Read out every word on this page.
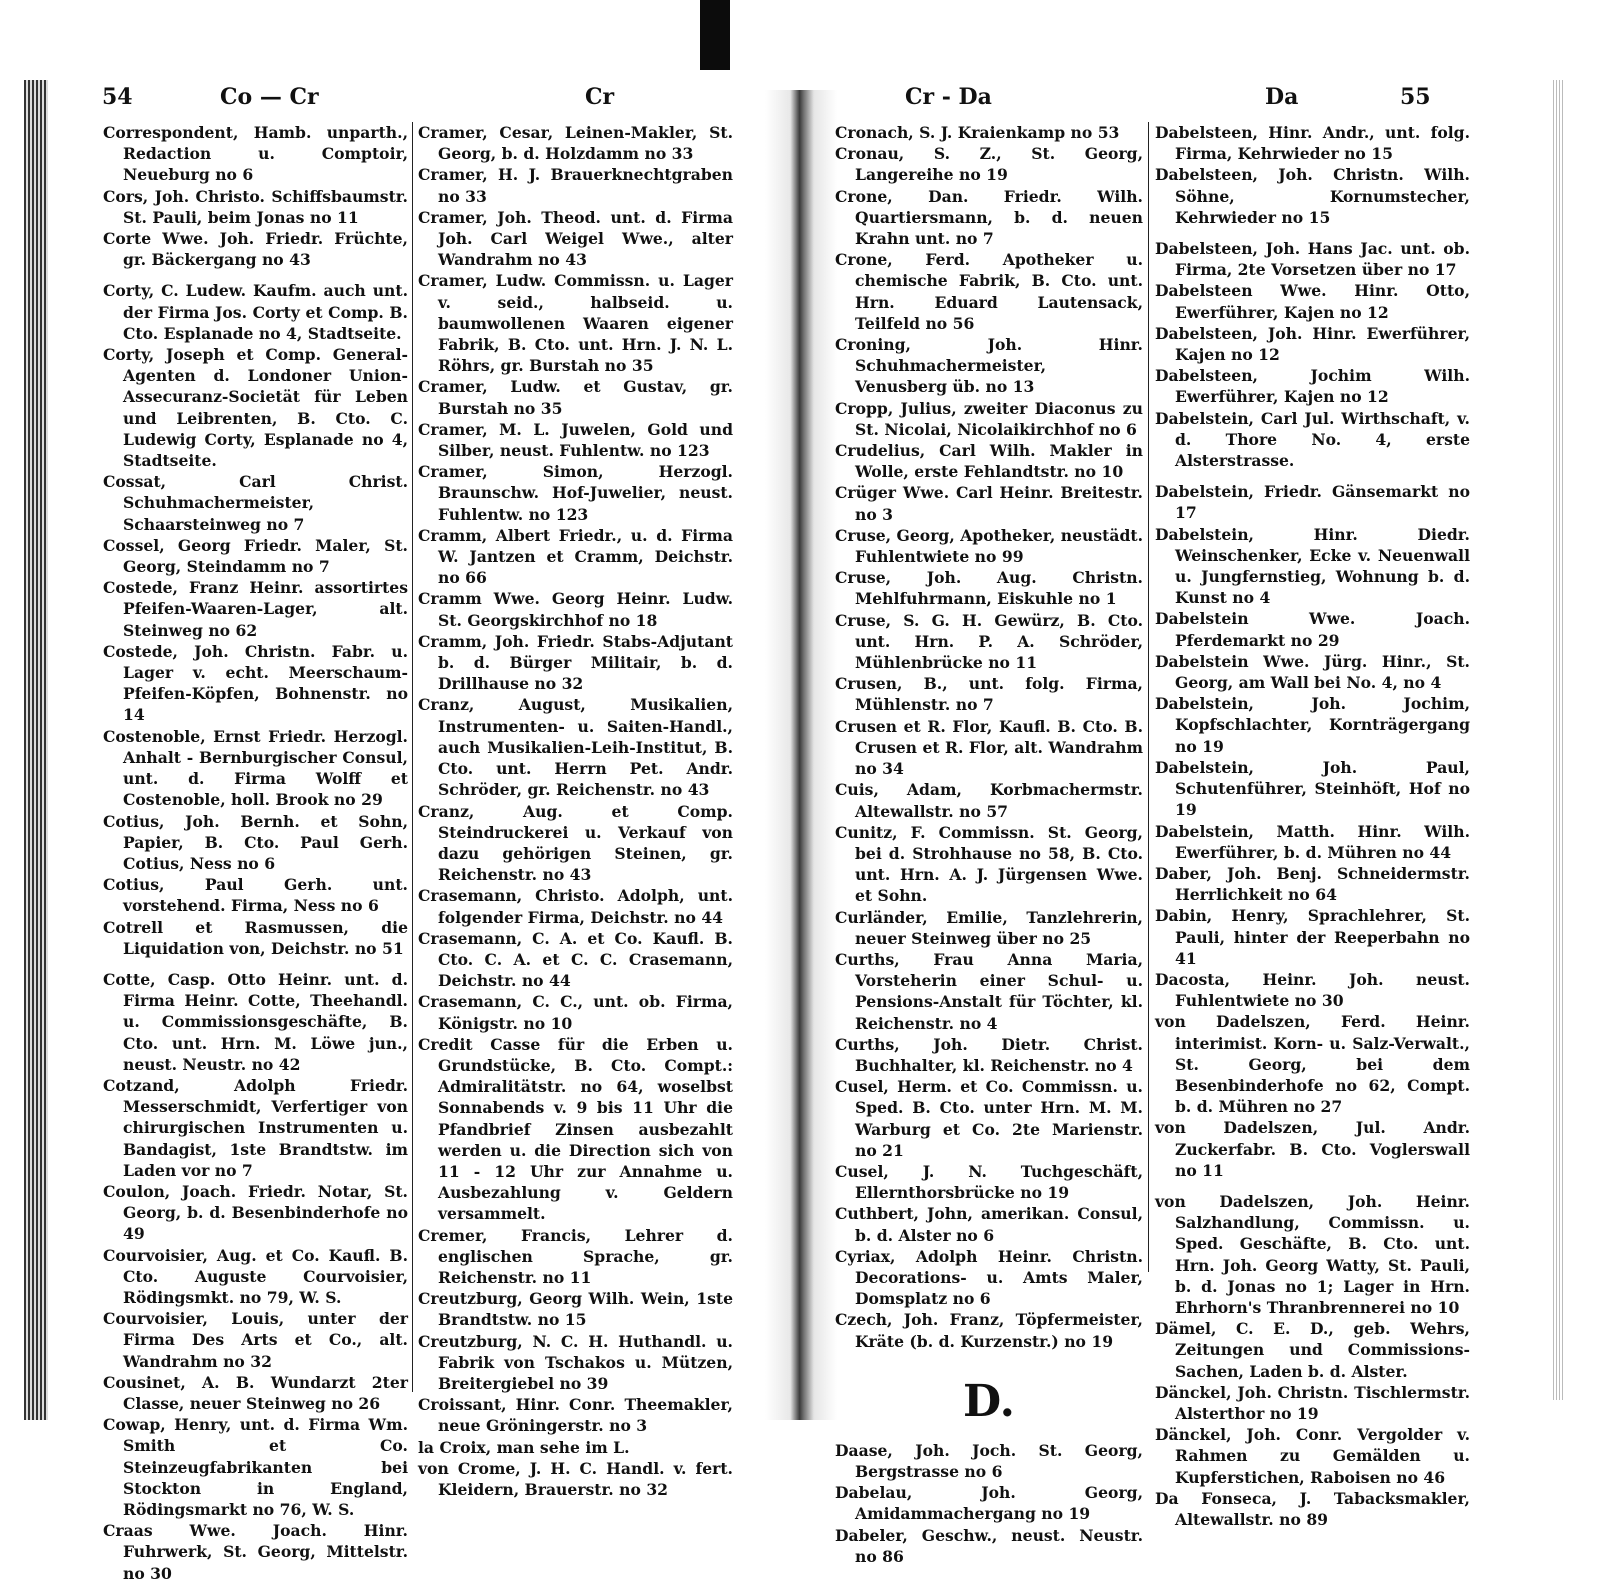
54	Co — Cr	Cr
Correspondent, Hamb. unparth., Redaction u. Comptoir, Neueburg no 6
Cors, Joh. Christo. Schiffsbaumstr. St. Pauli, beim Jonas no 11
Corte Wwe. Joh. Friedr. Früchte, gr. Bäckergang no 43
Corty, C. Ludew. Kaufm. auch unt. der Firma Jos. Corty et Comp. B. Cto. Esplanade no 4, Stadtseite.
Corty, Joseph et Comp. General-Agenten d. Londoner Union-Assecuranz-Societät für Leben und Leibrenten, B. Cto. C. Ludewig Corty, Esplanade no 4, Stadtseite.
Cossat, Carl Christ. Schuhmachermeister, Schaarsteinweg no 7
Cossel, Georg Friedr. Maler, St. Georg, Steindamm no 7
Costede, Franz Heinr. assortirtes Pfeifen-Waaren-Lager, alt. Steinweg no 62
Costede, Joh. Christn. Fabr. u. Lager v. echt. Meerschaum-Pfeifen-Köpfen, Bohnenstr. no 14
Costenoble, Ernst Friedr. Herzogl. Anhalt - Bernburgischer Consul, unt. d. Firma Wolff et Costenoble, holl. Brook no 29
Cotius, Joh. Bernh. et Sohn, Papier, B. Cto. Paul Gerh. Cotius, Ness no 6
Cotius, Paul Gerh. unt. vorstehend. Firma, Ness no 6
Cotrell et Rasmussen, die Liquidation von, Deichstr. no 51
Cotte, Casp. Otto Heinr. unt. d. Firma Heinr. Cotte, Theehandl. u. Commissionsgeschäfte, B. Cto. unt. Hrn. M. Löwe jun., neust. Neustr. no 42
Cotzand, Adolph Friedr. Messerschmidt, Verfertiger von chirurgischen Instrumenten u. Bandagist, 1ste Brandtstw. im Laden vor no 7
Coulon, Joach. Friedr. Notar, St. Georg, b. d. Besenbinderhofe no 49
Courvoisier, Aug. et Co. Kaufl. B. Cto. Auguste Courvoisier, Rödingsmkt. no 79, W. S.
Courvoisier, Louis, unter der Firma Des Arts et Co., alt. Wandrahm no 32
Cousinet, A. B. Wundarzt 2ter Classe, neuer Steinweg no 26
Cowap, Henry, unt. d. Firma Wm. Smith et Co. Steinzeugfabrikanten bei Stockton in England, Rödingsmarkt no 76, W. S.
Craas Wwe. Joach. Hinr. Fuhrwerk, St. Georg, Mittelstr. no 30
Cramer, Cesar, Leinen-Makler, St. Georg, b. d. Holzdamm no 33
Cramer, H. J. Brauerknechtgraben no 33
Cramer, Joh. Theod. unt. d. Firma Joh. Carl Weigel Wwe., alter Wandrahm no 43
Cramer, Ludw. Commissn. u. Lager v. seid., halbseid. u. baumwollenen Waaren eigener Fabrik, B. Cto. unt. Hrn. J. N. L. Röhrs, gr. Burstah no 35
Cramer, Ludw. et Gustav, gr. Burstah no 35
Cramer, M. L. Juwelen, Gold und Silber, neust. Fuhlentw. no 123
Cramer, Simon, Herzogl. Braunschw. Hof-Juwelier, neust. Fuhlentw. no 123
Cramm, Albert Friedr., u. d. Firma W. Jantzen et Cramm, Deichstr. no 66
Cramm Wwe. Georg Heinr. Ludw. St. Georgskirchhof no 18
Cramm, Joh. Friedr. Stabs-Adjutant b. d. Bürger Militair, b. d. Drillhause no 32
Cranz, August, Musikalien, Instrumenten- u. Saiten-Handl., auch Musikalien-Leih-Institut, B. Cto. unt. Herrn Pet. Andr. Schröder, gr. Reichenstr. no 43
Cranz, Aug. et Comp. Steindruckerei u. Verkauf von dazu gehörigen Steinen, gr. Reichenstr. no 43
Crasemann, Christo. Adolph, unt. folgender Firma, Deichstr. no 44
Crasemann, C. A. et Co. Kaufl. B. Cto. C. A. et C. C. Crasemann, Deichstr. no 44
Crasemann, C. C., unt. ob. Firma, Königstr. no 10
Credit Casse für die Erben u. Grundstücke, B. Cto. Compt.: Admiralitätstr. no 64, woselbst Sonnabends v. 9 bis 11 Uhr die Pfandbrief Zinsen ausbezahlt werden u. die Direction sich von 11 - 12 Uhr zur Annahme u. Ausbezahlung v. Geldern versammelt.
Cremer, Francis, Lehrer d. englischen Sprache, gr. Reichenstr. no 11
Creutzburg, Georg Wilh. Wein, 1ste Brandtstw. no 15
Creutzburg, N. C. H. Huthandl. u. Fabrik von Tschakos u. Mützen, Breitergiebel no 39
Croissant, Hinr. Conr. Theemakler, neue Gröningerstr. no 3
la Croix, man sehe im L.
von Crome, J. H. C. Handl. v. fert. Kleidern, Brauerstr. no 32
Cr - Da	Da	55
Cronach, S. J. Kraienkamp no 53
Cronau, S. Z., St. Georg, Langereihe no 19
Crone, Dan. Friedr. Wilh. Quartiersmann, b. d. neuen Krahn unt. no 7
Crone, Ferd. Apotheker u. chemische Fabrik, B. Cto. unt. Hrn. Eduard Lautensack, Teilfeld no 56
Croning, Joh. Hinr. Schuhmachermeister, Venusberg üb. no 13
Cropp, Julius, zweiter Diaconus zu St. Nicolai, Nicolaikirchhof no 6
Crudelius, Carl Wilh. Makler in Wolle, erste Fehlandtstr. no 10
Crüger Wwe. Carl Heinr. Breitestr. no 3
Cruse, Georg, Apotheker, neustädt. Fuhlentwiete no 99
Cruse, Joh. Aug. Christn. Mehlfuhrmann, Eiskuhle no 1
Cruse, S. G. H. Gewürz, B. Cto. unt. Hrn. P. A. Schröder, Mühlenbrücke no 11
Crusen, B., unt. folg. Firma, Mühlenstr. no 7
Crusen et R. Flor, Kaufl. B. Cto. B. Crusen et R. Flor, alt. Wandrahm no 34
Cuis, Adam, Korbmachermstr. Altewallstr. no 57
Cunitz, F. Commissn. St. Georg, bei d. Strohhause no 58, B. Cto. unt. Hrn. A. J. Jürgensen Wwe. et Sohn.
Curländer, Emilie, Tanzlehrerin, neuer Steinweg über no 25
Curths, Frau Anna Maria, Vorsteherin einer Schul- u. Pensions-Anstalt für Töchter, kl. Reichenstr. no 4
Curths, Joh. Dietr. Christ. Buchhalter, kl. Reichenstr. no 4
Cusel, Herm. et Co. Commissn. u. Sped. B. Cto. unter Hrn. M. M. Warburg et Co. 2te Marienstr. no 21
Cusel, J. N. Tuchgeschäft, Ellernthorsbrücke no 19
Cuthbert, John, amerikan. Consul, b. d. Alster no 6
Cyriax, Adolph Heinr. Christn. Decorations- u. Amts Maler, Domsplatz no 6
Czech, Joh. Franz, Töpfermeister, Kräte (b. d. Kurzenstr.) no 19
D.
Daase, Joh. Joch. St. Georg, Bergstrasse no 6
Dabelau, Joh. Georg, Amidammachergang no 19
Dabeler, Geschw., neust. Neustr. no 86
Dabelsteen, Hinr. Andr., unt. folg. Firma, Kehrwieder no 15
Dabelsteen, Joh. Christn. Wilh. Söhne, Kornumstecher, Kehrwieder no 15
Dabelsteen, Joh. Hans Jac. unt. ob. Firma, 2te Vorsetzen über no 17
Dabelsteen Wwe. Hinr. Otto, Ewerführer, Kajen no 12
Dabelsteen, Joh. Hinr. Ewerführer, Kajen no 12
Dabelsteen, Jochim Wilh. Ewerführer, Kajen no 12
Dabelstein, Carl Jul. Wirthschaft, v. d. Thore No. 4, erste Alsterstrasse.
Dabelstein, Friedr. Gänsemarkt no 17
Dabelstein, Hinr. Diedr. Weinschenker, Ecke v. Neuenwall u. Jungfernstieg, Wohnung b. d. Kunst no 4
Dabelstein Wwe. Joach. Pferdemarkt no 29
Dabelstein Wwe. Jürg. Hinr., St. Georg, am Wall bei No. 4, no 4
Dabelstein, Joh. Jochim, Kopfschlachter, Kornträgergang no 19
Dabelstein, Joh. Paul, Schutenführer, Steinhöft, Hof no 19
Dabelstein, Matth. Hinr. Wilh. Ewerführer, b. d. Mühren no 44
Daber, Joh. Benj. Schneidermstr. Herrlichkeit no 64
Dabin, Henry, Sprachlehrer, St. Pauli, hinter der Reeperbahn no 41
Dacosta, Heinr. Joh. neust. Fuhlentwiete no 30
von Dadelszen, Ferd. Heinr. interimist. Korn- u. Salz-Verwalt., St. Georg, bei dem Besenbinderhofe no 62, Compt. b. d. Mühren no 27
von Dadelszen, Jul. Andr. Zuckerfabr. B. Cto. Voglerswall no 11
von Dadelszen, Joh. Heinr. Salzhandlung, Commissn. u. Sped. Geschäfte, B. Cto. unt. Hrn. Joh. Georg Watty, St. Pauli, b. d. Jonas no 1; Lager in Hrn. Ehrhorn's Thranbrennerei no 10
Dämel, C. E. D., geb. Wehrs, Zeitungen und Commissions-Sachen, Laden b. d. Alster.
Dänckel, Joh. Christn. Tischlermstr. Alsterthor no 19
Dänckel, Joh. Conr. Vergolder v. Rahmen zu Gemälden u. Kupferstichen, Raboisen no 46
Da Fonseca, J. Tabacksmakler, Altewallstr. no 89
